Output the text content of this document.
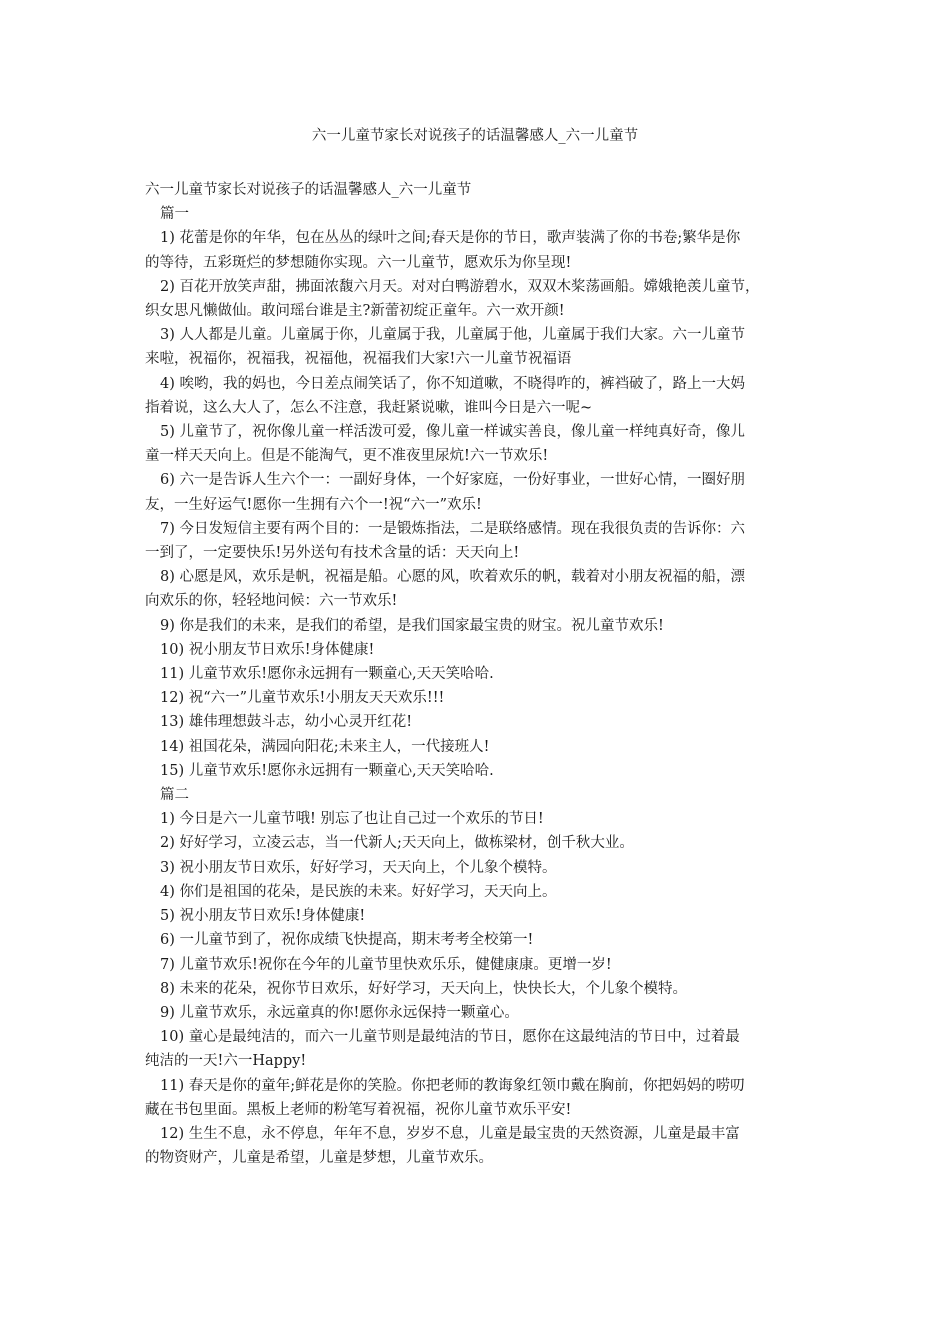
六一儿童节家长对说孩子的话温馨感人_六一儿童节
六一儿童节家长对说孩子的话温馨感人_六一儿童节
篇一
1) 花蕾是你的年华，包在丛丛的绿叶之间;春天是你的节日，歌声装满了你的书卷;繁华是你
的等待，五彩斑烂的梦想随你实现。六一儿童节，愿欢乐为你呈现!
2) 百花开放笑声甜，拂面浓馥六月天。对对白鸭游碧水，双双木桨荡画船。嫦娥艳羡儿童节，
织女思凡懒做仙。敢问瑶台谁是主?新蕾初绽正童年。六一欢开颜!
3) 人人都是儿童。儿童属于你，儿童属于我，儿童属于他，儿童属于我们大家。六一儿童节
来啦，祝福你，祝福我，祝福他，祝福我们大家!六一儿童节祝福语
4) 唉哟，我的妈也，今日差点闹笑话了，你不知道嗽，不晓得咋的，裤裆破了，路上一大妈
指着说，这么大人了，怎么不注意，我赶紧说嗽，谁叫今日是六一呢~
5) 儿童节了，祝你像儿童一样活泼可爱，像儿童一样诚实善良，像儿童一样纯真好奇，像儿
童一样天天向上。但是不能淘气，更不准夜里尿炕!六一节欢乐!
6) 六一是告诉人生六个一：一副好身体，一个好家庭，一份好事业，一世好心情，一圈好朋
友，一生好运气!愿你一生拥有六个一!祝“六一”欢乐!
7) 今日发短信主要有两个目的：一是锻炼指法，二是联络感情。现在我很负责的告诉你：六
一到了，一定要快乐!另外送句有技术含量的话：天天向上!
8) 心愿是风，欢乐是帆，祝福是船。心愿的风，吹着欢乐的帆，载着对小朋友祝福的船，漂
向欢乐的你，轻轻地问候：六一节欢乐!
9) 你是我们的未来，是我们的希望，是我们国家最宝贵的财宝。祝儿童节欢乐!
10) 祝小朋友节日欢乐!身体健康!
11) 儿童节欢乐!愿你永远拥有一颗童心,天天笑哈哈.
12) 祝“六一”儿童节欢乐!小朋友天天欢乐!!!
13) 雄伟理想鼓斗志，幼小心灵开红花!
14) 祖国花朵，满园向阳花;未来主人，一代接班人!
15) 儿童节欢乐!愿你永远拥有一颗童心,天天笑哈哈.
篇二
1) 今日是六一儿童节哦! 别忘了也让自己过一个欢乐的节日!
2) 好好学习，立凌云志，当一代新人;天天向上，做栋梁材，创千秋大业。
3) 祝小朋友节日欢乐，好好学习，天天向上，个儿象个模特。
4) 你们是祖国的花朵，是民族的未来。好好学习，天天向上。
5) 祝小朋友节日欢乐!身体健康!
6) 一儿童节到了，祝你成绩飞快提高，期末考考全校第一!
7) 儿童节欢乐!祝你在今年的儿童节里快欢乐乐，健健康康。更增一岁!
8) 未来的花朵，祝你节日欢乐，好好学习，天天向上，快快长大，个儿象个模特。
9) 儿童节欢乐，永远童真的你!愿你永远保持一颗童心。
10) 童心是最纯洁的，而六一儿童节则是最纯洁的节日，愿你在这最纯洁的节日中，过着最
纯洁的一天!六一Happy!
11) 春天是你的童年;鲜花是你的笑脸。你把老师的教诲象红领巾戴在胸前，你把妈妈的唠叨
藏在书包里面。黑板上老师的粉笔写着祝福，祝你儿童节欢乐平安!
12) 生生不息，永不停息，年年不息，岁岁不息，儿童是最宝贵的天然资源，儿童是最丰富
的物资财产，儿童是希望，儿童是梦想，儿童节欢乐。
